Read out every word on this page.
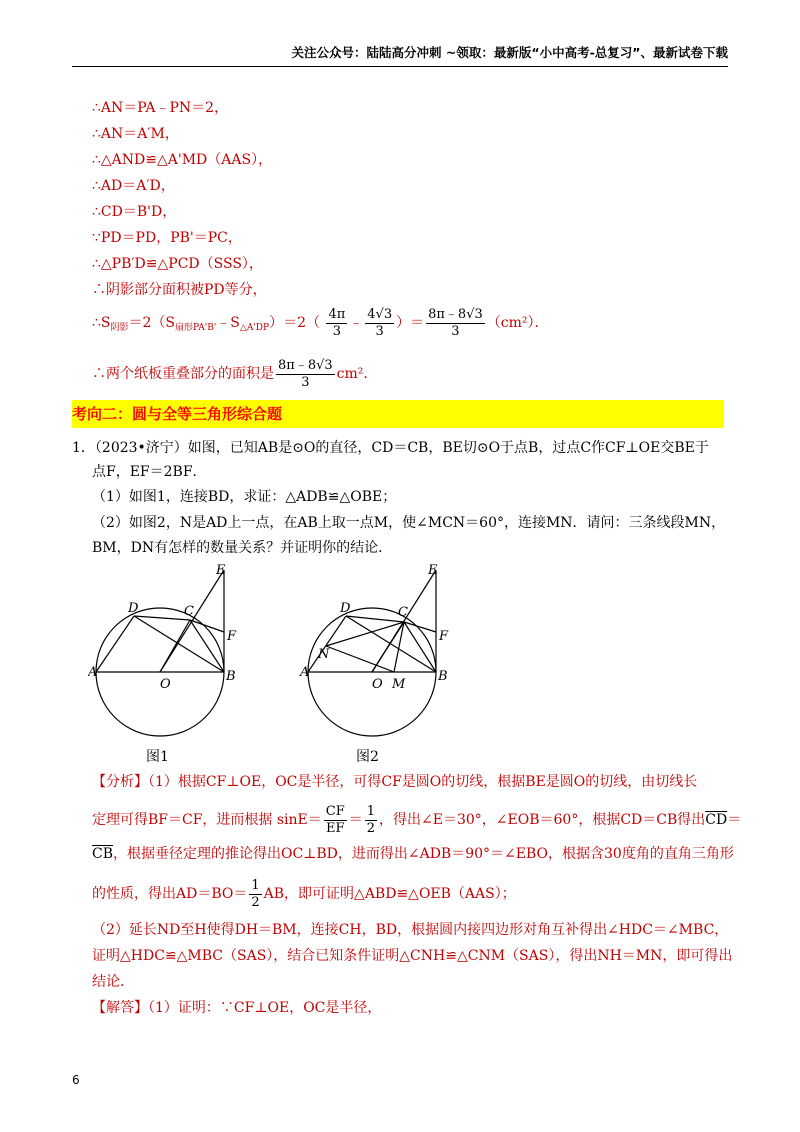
关注公众号：陆陆高分冲刺 ~领取：最新版“小中高考-总复习”、最新试卷下载
∴AN＝PA﹣PN＝2，
∴AN＝A′M，
∴△AND≌△A'MD（AAS），
∴AD＝A′D，
∴CD＝B'D，
∵PD＝PD，PB'＝PC，
∴△PB′D≌△PCD（SSS），
∴阴影部分面积被PD等分，
$\therefore S_{阴影}=2(S_{扇形PA'B'}﹣S_{\triangle A'DP})=2( \frac{4\pi}{3}$ ﹣ $\frac{4√3}{3}$ ）＝ $\frac{8\pi﹣8√3}{3} (cm^2)$．
∴两个纸板重叠部分的面积是 $\frac{8\pi﹣8√3}{3} cm^2$．
考向二：圆与全等三角形综合题
1．（2023•济宁）如图，已知AB是⊙O的直径，CD＝CB，BE切⊙O于点B，过点C作CF⊥OE交BE于
点F，EF＝2BF．
（1）如图1，连接BD，求证：△ADB≌△OBE；
（2）如图2，N是AD上一点，在AB上取一点M，使∠MCN＝60°，连接MN．请问：三条线段MN，
BM，DN有怎样的数量关系？并证明你的结论．
E
D	C
F
A	B
O
E
D	C
F
N
A	B
O M
图1	图2
【分析】（1）根据CF⊥OE，OC是半径，可得CF是圆O的切线，根据BE是圆O的切线，由切线长
定理可得BF＝CF，进而根据 $\sin E= \frac{CF}{EF} = \frac{1}{2}$ ，得出∠E＝30°，∠EOB＝60°，根据CD＝CB得出$\overline{CD}=$
$\overline{CB}$，根据垂径定理的推论得出OC⊥BD，进而得出∠ADB＝90°＝∠EBO，根据含30度角的直角三角形
的性质，得出$AD=BO= \frac{1}{2}$ AB，即可证明△ABD≌△OEB（AAS）；
（2）延长ND至H使得DH＝BM，连接CH，BD，根据圆内接四边形对角互补得出∠HDC＝∠MBC，
证明△HDC≌△MBC（SAS），结合已知条件证明△CNH≌△CNM（SAS），得出NH＝MN，即可得出
结论．
【解答】（1）证明：∵CF⊥OE，OC是半径，
6
